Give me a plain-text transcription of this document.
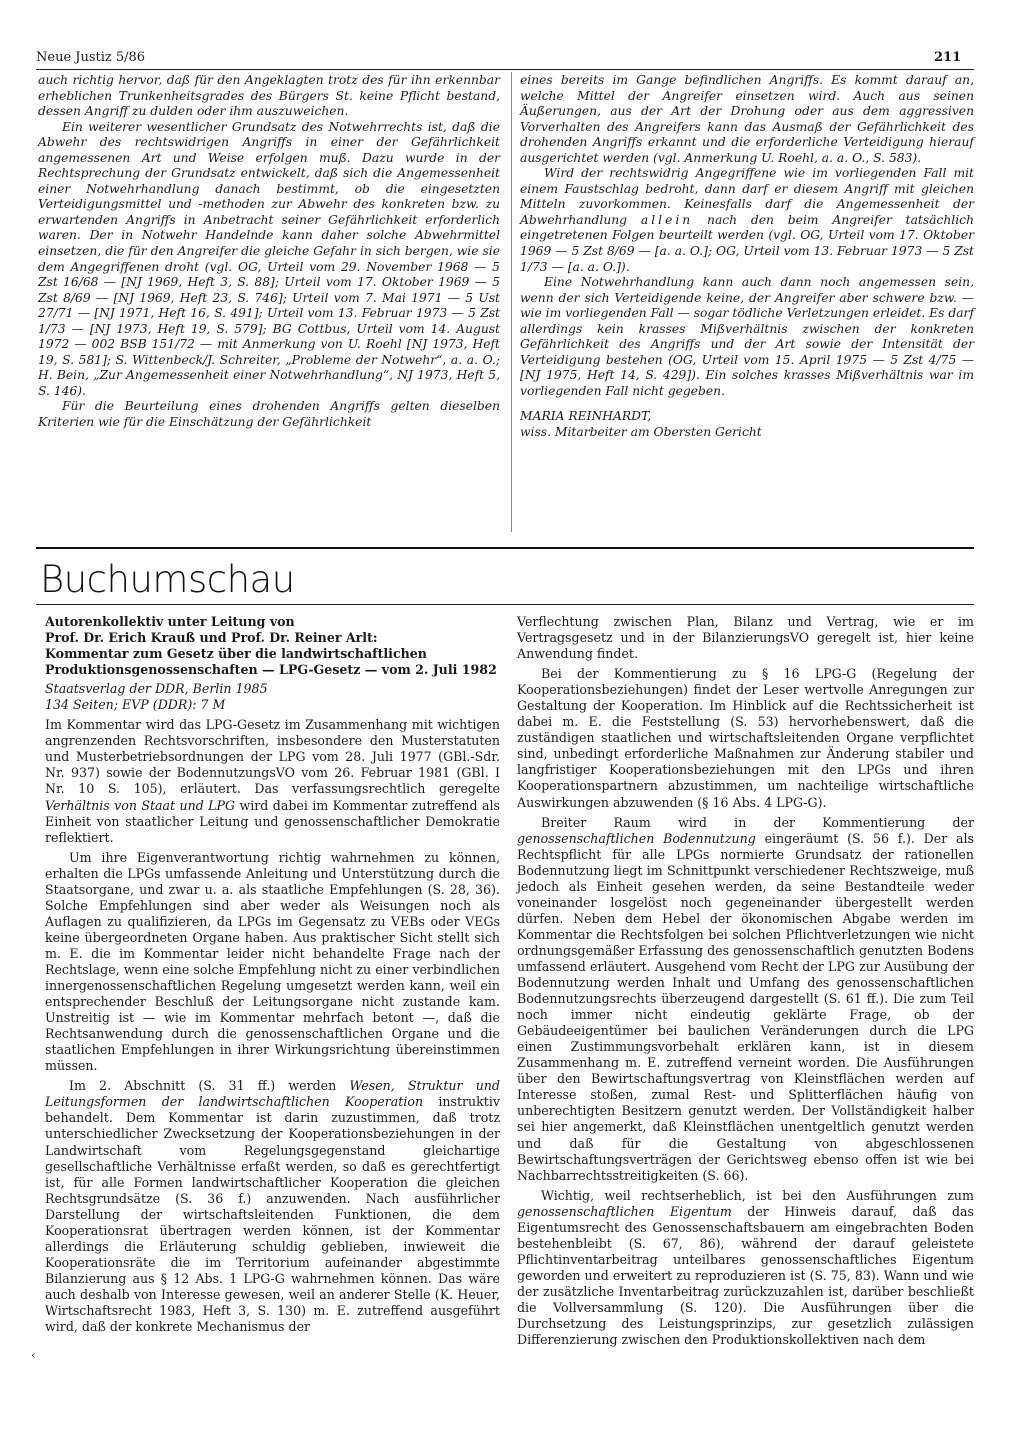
Neue Justiz 5/86	211

auch richtig hervor, daß für den Angeklagten trotz des für ihn erkennbar erheblichen Trunkenheitsgrades des Bürgers St. keine Pflicht bestand, dessen Angriff zu dulden oder ihm auszuweichen.

Ein weiterer wesentlicher Grundsatz des Notwehrrechts ist, daß die Abwehr des rechtswidrigen Angriffs in einer der Gefährlichkeit angemessenen Art und Weise erfolgen muß. Dazu wurde in der Rechtsprechung der Grundsatz entwickelt, daß sich die Angemessenheit einer Notwehrhandlung danach bestimmt, ob die eingesetzten Verteidigungsmittel und -methoden zur Abwehr des konkreten bzw. zu erwartenden Angriffs in Anbetracht seiner Gefährlichkeit erforderlich waren. Der in Notwehr Handelnde kann daher solche Abwehrmittel einsetzen, die für den Angreifer die gleiche Gefahr in sich bergen, wie sie dem Angegriffenen droht (vgl. OG, Urteil vom 29. November 1968 — 5 Zst 16/68 — [NJ 1969, Heft 3, S. 88]; Urteil vom 17. Oktober 1969 — 5 Zst 8/69 — [NJ 1969, Heft 23, S. 746]; Urteil vom 7. Mai 1971 — 5 Ust 27/71 — [NJ 1971, Heft 16, S. 491]; Urteil vom 13. Februar 1973 — 5 Zst 1/73 — [NJ 1973, Heft 19, S. 579]; BG Cottbus, Urteil vom 14. August 1972 — 002 BSB 151/72 — mit Anmerkung von U. Roehl [NJ 1973, Heft 19, S. 581]; S. Wittenbeck/J. Schreiter, „Probleme der Notwehr“, a. a. O.; H. Bein, „Zur Angemessenheit einer Notwehrhandlung“, NJ 1973, Heft 5, S. 146).

Für die Beurteilung eines drohenden Angriffs gelten dieselben Kriterien wie für die Einschätzung der Gefährlichkeit

eines bereits im Gange befindlichen Angriffs. Es kommt darauf an, welche Mittel der Angreifer einsetzen wird. Auch aus seinen Äußerungen, aus der Art der Drohung oder aus dem aggressiven Vorverhalten des Angreifers kann das Ausmaß der Gefährlichkeit des drohenden Angriffs erkannt und die erforderliche Verteidigung hierauf ausgerichtet werden (vgl. Anmerkung U. Roehl, a. a. O., S. 583).

Wird der rechtswidrig Angegriffene wie im vorliegenden Fall mit einem Faustschlag bedroht, dann darf er diesem Angriff mit gleichen Mitteln zuvorkommen. Keinesfalls darf die Angemessenheit der Abwehrhandlung allein nach den beim Angreifer tatsächlich eingetretenen Folgen beurteilt werden (vgl. OG, Urteil vom 17. Oktober 1969 — 5 Zst 8/69 — [a. a. O.]; OG, Urteil vom 13. Februar 1973 — 5 Zst 1/73 — [a. a. O.]).

Eine Notwehrhandlung kann auch dann noch angemessen sein, wenn der sich Verteidigende keine, der Angreifer aber schwere bzw. — wie im vorliegenden Fall — sogar tödliche Verletzungen erleidet. Es darf allerdings kein krasses Mißverhältnis zwischen der konkreten Gefährlichkeit des Angriffs und der Art sowie der Intensität der Verteidigung bestehen (OG, Urteil vom 15. April 1975 — 5 Zst 4/75 — [NJ 1975, Heft 14, S. 429]). Ein solches krasses Mißverhältnis war im vorliegenden Fall nicht gegeben.

MARIA REINHARDT,

wiss. Mitarbeiter am Obersten Gericht

Buchumschau

Autorenkollektiv unter Leitung von

Prof. Dr. Erich Krauß und Prof. Dr. Reiner Arlt:

Kommentar zum Gesetz über die landwirtschaftlichen Produktionsgenossenschaften — LPG-Gesetz — vom 2. Juli 1982

Staatsverlag der DDR, Berlin 1985

134 Seiten; EVP (DDR): 7 M

Im Kommentar wird das LPG-Gesetz im Zusammenhang mit wichtigen angrenzenden Rechtsvorschriften, insbesondere den Musterstatuten und Musterbetriebsordnungen der LPG vom 28. Juli 1977 (GBl.-Sdr. Nr. 937) sowie der BodennutzungsVO vom 26. Februar 1981 (GBl. I Nr. 10 S. 105), erläutert. Das verfassungsrechtlich geregelte Verhältnis von Staat und LPG wird dabei im Kommentar zutreffend als Einheit von staatlicher Leitung und genossenschaftlicher Demokratie reflektiert.

Um ihre Eigenverantwortung richtig wahrnehmen zu können, erhalten die LPGs umfassende Anleitung und Unterstützung durch die Staatsorgane, und zwar u. a. als staatliche Empfehlungen (S. 28, 36). Solche Empfehlungen sind aber weder als Weisungen noch als Auflagen zu qualifizieren, da LPGs im Gegensatz zu VEBs oder VEGs keine übergeordneten Organe haben. Aus praktischer Sicht stellt sich m. E. die im Kommentar leider nicht behandelte Frage nach der Rechtslage, wenn eine solche Empfehlung nicht zu einer verbindlichen innergenossenschaftlichen Regelung umgesetzt werden kann, weil ein entsprechender Beschluß der Leitungsorgane nicht zustande kam. Unstreitig ist — wie im Kommentar mehrfach betont —, daß die Rechtsanwendung durch die genossenschaftlichen Organe und die staatlichen Empfehlungen in ihrer Wirkungsrichtung übereinstimmen müssen.

Im 2. Abschnitt (S. 31 ff.) werden Wesen, Struktur und Leitungsformen der landwirtschaftlichen Kooperation instruktiv behandelt. Dem Kommentar ist darin zuzustimmen, daß trotz unterschiedlicher Zwecksetzung der Kooperationsbeziehungen in der Landwirtschaft vom Regelungsgegenstand gleichartige gesellschaftliche Verhältnisse erfaßt werden, so daß es gerechtfertigt ist, für alle Formen landwirtschaftlicher Kooperation die gleichen Rechtsgrundsätze (S. 36 f.) anzuwenden. Nach ausführlicher Darstellung der wirtschaftsleitenden Funktionen, die dem Kooperationsrat übertragen werden können, ist der Kommentar allerdings die Erläuterung schuldig geblieben, inwieweit die Kooperationsräte die im Territorium aufeinander abgestimmte Bilanzierung aus § 12 Abs. 1 LPG-G wahrnehmen können. Das wäre auch deshalb von Interesse gewesen, weil an anderer Stelle (K. Heuer, Wirtschaftsrecht 1983, Heft 3, S. 130) m. E. zutreffend ausgeführt wird, daß der konkrete Mechanismus der

Verflechtung zwischen Plan, Bilanz und Vertrag, wie er im Vertragsgesetz und in der BilanzierungsVO geregelt ist, hier keine Anwendung findet.

Bei der Kommentierung zu § 16 LPG-G (Regelung der Kooperationsbeziehungen) findet der Leser wertvolle Anregungen zur Gestaltung der Kooperation. Im Hinblick auf die Rechtssicherheit ist dabei m. E. die Feststellung (S. 53) hervorhebenswert, daß die zuständigen staatlichen und wirtschaftsleitenden Organe verpflichtet sind, unbedingt erforderliche Maßnahmen zur Änderung stabiler und langfristiger Kooperationsbeziehungen mit den LPGs und ihren Kooperationspartnern abzustimmen, um nachteilige wirtschaftliche Auswirkungen abzuwenden (§ 16 Abs. 4 LPG-G).

Breiter Raum wird in der Kommentierung der genossenschaftlichen Bodennutzung eingeräumt (S. 56 f.). Der als Rechtspflicht für alle LPGs normierte Grundsatz der rationellen Bodennutzung liegt im Schnittpunkt verschiedener Rechtszweige, muß jedoch als Einheit gesehen werden, da seine Bestandteile weder voneinander losgelöst noch gegeneinander übergestellt werden dürfen. Neben dem Hebel der ökonomischen Abgabe werden im Kommentar die Rechtsfolgen bei solchen Pflichtverletzungen wie nicht ordnungsgemäßer Erfassung des genossenschaftlich genutzten Bodens umfassend erläutert. Ausgehend vom Recht der LPG zur Ausübung der Bodennutzung werden Inhalt und Umfang des genossenschaftlichen Bodennutzungsrechts überzeugend dargestellt (S. 61 ff.). Die zum Teil noch immer nicht eindeutig geklärte Frage, ob der Gebäudeeigentümer bei baulichen Veränderungen durch die LPG einen Zustimmungsvorbehalt erklären kann, ist in diesem Zusammenhang m. E. zutreffend verneint worden. Die Ausführungen über den Bewirtschaftungsvertrag von Kleinstflächen werden auf Interesse stoßen, zumal Rest- und Splitterflächen häufig von unberechtigten Besitzern genutzt werden. Der Vollständigkeit halber sei hier angemerkt, daß Kleinstflächen unentgeltlich genutzt werden und daß für die Gestaltung von abgeschlossenen Bewirtschaftungsverträgen der Gerichtsweg ebenso offen ist wie bei Nachbarrechtsstreitigkeiten (S. 66).

Wichtig, weil rechtserheblich, ist bei den Ausführungen zum genossenschaftlichen Eigentum der Hinweis darauf, daß das Eigentumsrecht des Genossenschaftsbauern am eingebrachten Boden bestehenbleibt (S. 67, 86), während der darauf geleistete Pflichtinventarbeitrag unteilbares genossenschaftliches Eigentum geworden und erweitert zu reproduzieren ist (S. 75, 83). Wann und wie der zusätzliche Inventarbeitrag zurückzuzahlen ist, darüber beschließt die Vollversammlung (S. 120). Die Ausführungen über die Durchsetzung des Leistungsprinzips, zur gesetzlich zulässigen Differenzierung zwischen den Produktionskollektiven nach dem

‹
